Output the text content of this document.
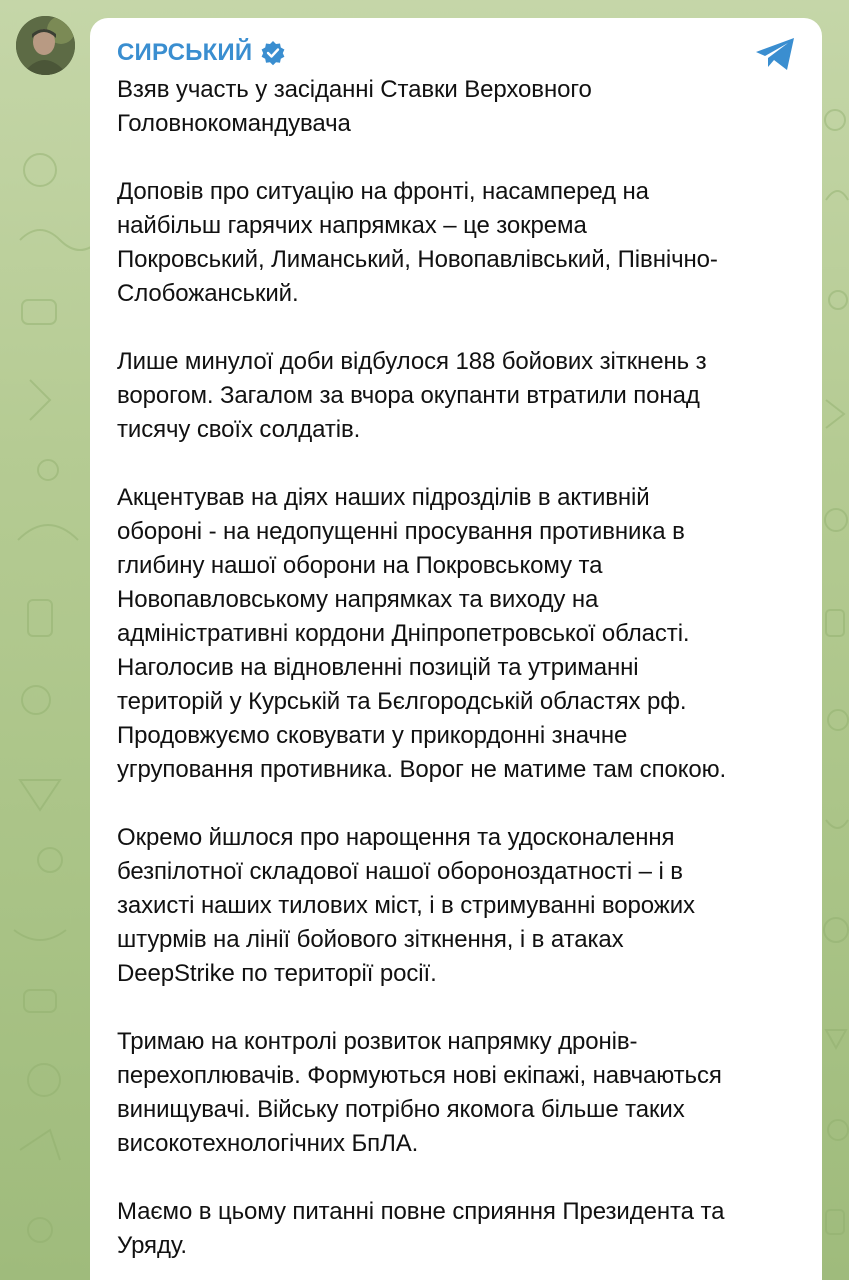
СИРСЬКИЙ
Взяв участь у засіданні Ставки Верховного
Головнокомандувача
Доповів про ситуацію на фронті, насамперед на
найбільш гарячих напрямках – це зокрема
Покровський, Лиманський, Новопавлівський, Північно-
Слобожанський.
Лише минулої доби відбулося 188 бойових зіткнень з
ворогом. Загалом за вчора окупанти втратили понад
тисячу своїх солдатів.
Акцентував на діях наших підрозділів в активній
обороні - на недопущенні просування противника в
глибину нашої оборони на Покровському та
Новопавловському напрямках та виходу на
адміністративні кордони Дніпропетровської області.
Наголосив на відновленні позицій та утриманні
територій у Курській та Бєлгородській областях рф.
Продовжуємо сковувати у прикордонні значне
угруповання противника. Ворог не матиме там спокою.
Окремо йшлося про нарощення та удосконалення
безпілотної складової нашої обороноздатності – і в
захисті наших тилових міст, і в стримуванні ворожих
штурмів на лінії бойового зіткнення, і в атаках
DeepStrike по території росії.
Тримаю на контролі розвиток напрямку дронів-
перехоплювачів. Формуються нові екіпажі, навчаються
винищувачі. Війську потрібно якомога більше таких
високотехнологічних БпЛА.
Маємо в цьому питанні повне сприяння Президента та
Уряду.
